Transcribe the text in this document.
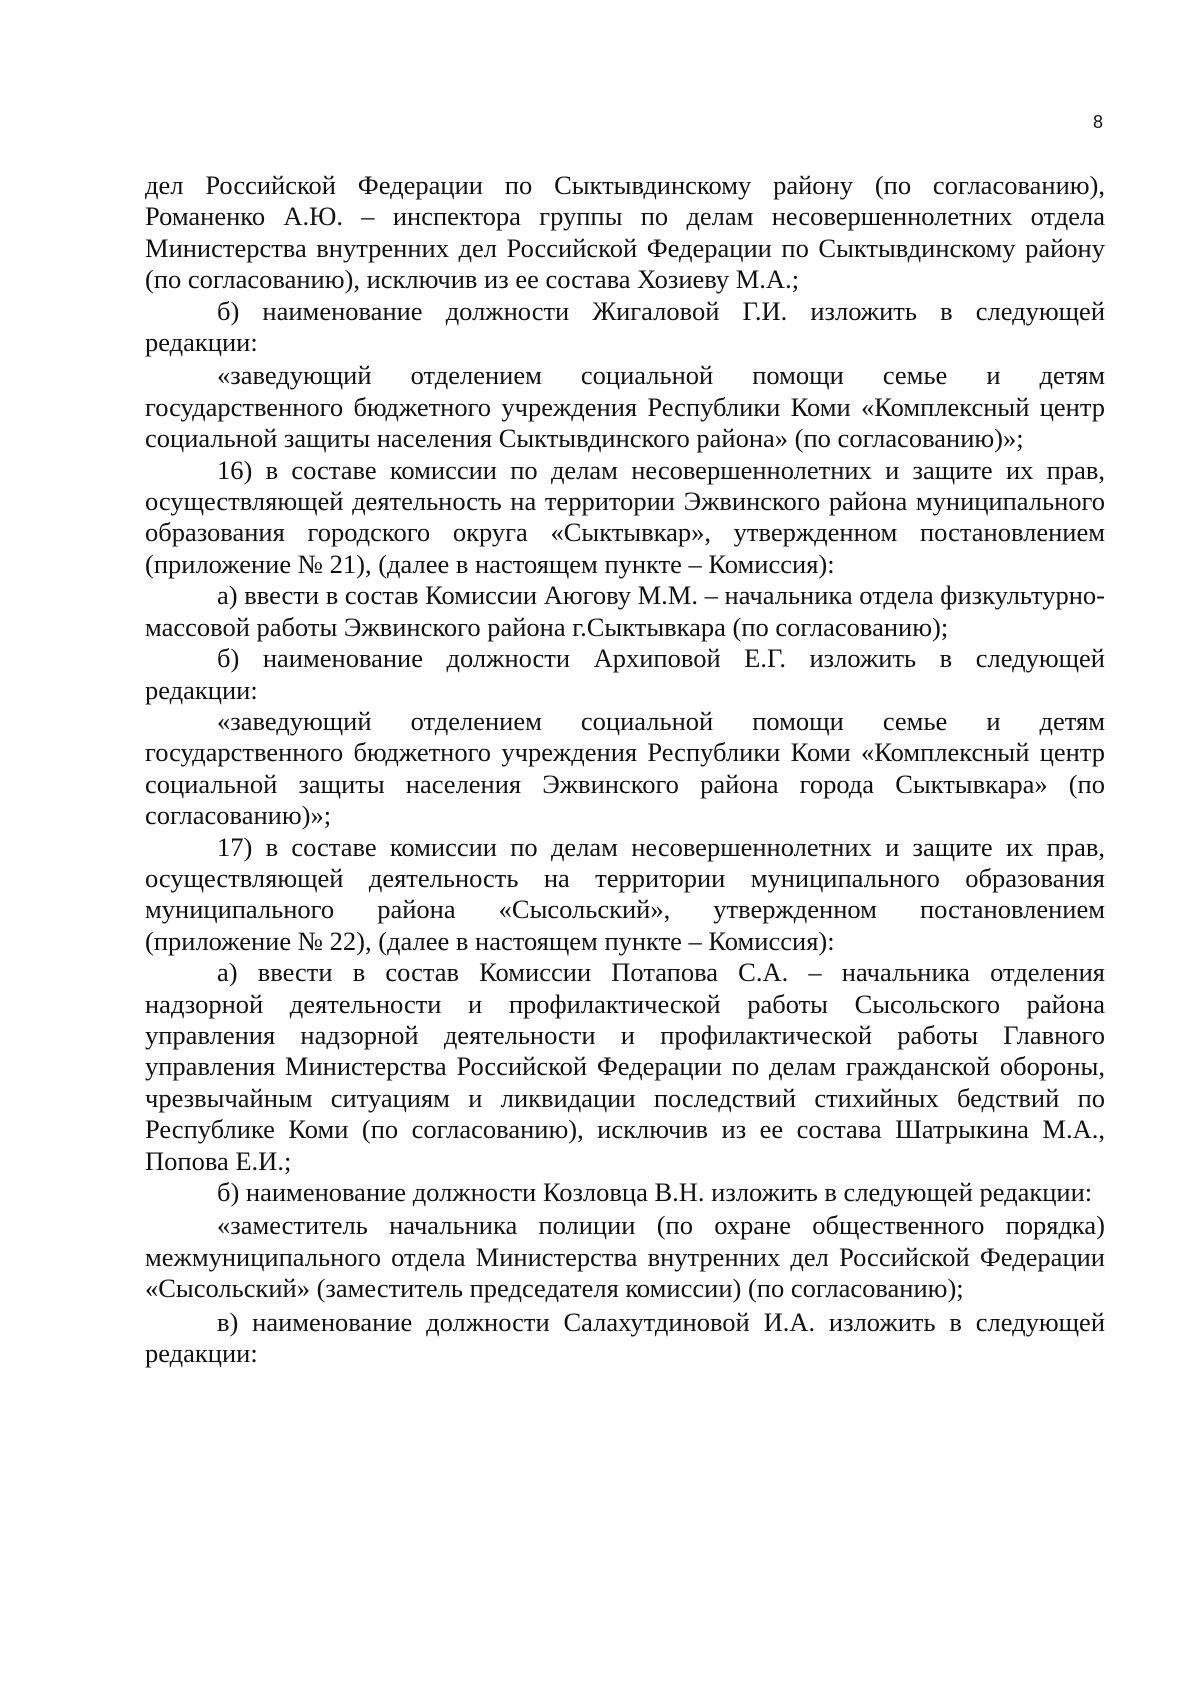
8

дел Российской Федерации по Сыктывдинскому району (по согласованию), Романенко А.Ю. – инспектора группы по делам несовершеннолетних отдела Министерства внутренних дел Российской Федерации по Сыктывдинскому району (по согласованию), исключив из ее состава Хозиеву М.А.;

б) наименование должности Жигаловой Г.И. изложить в следующей редакции:

«заведующий отделением социальной помощи семье и детям государственного бюджетного учреждения Республики Коми «Комплексный центр социальной защиты населения Сыктывдинского района» (по согласованию)»;

16) в составе комиссии по делам несовершеннолетних и защите их прав, осуществляющей деятельность на территории Эжвинского района муниципального образования городского округа «Сыктывкар», утвержденном постановлением (приложение № 21), (далее в настоящем пункте – Комиссия):

а) ввести в состав Комиссии Аюгову М.М. – начальника отдела физкультурно-массовой работы Эжвинского района г.Сыктывкара (по согласованию);

б) наименование должности Архиповой Е.Г. изложить в следующей редакции:

«заведующий отделением социальной помощи семье и детям государственного бюджетного учреждения Республики Коми «Комплексный центр социальной защиты населения Эжвинского района города Сыктывкара» (по согласованию)»;

17) в составе комиссии по делам несовершеннолетних и защите их прав, осуществляющей деятельность на территории муниципального образования муниципального района «Сысольский», утвержденном постановлением (приложение № 22), (далее в настоящем пункте – Комиссия):

а) ввести в состав Комиссии Потапова С.А. – начальника отделения надзорной деятельности и профилактической работы Сысольского района управления надзорной деятельности и профилактической работы Главного управления Министерства Российской Федерации по делам гражданской обороны, чрезвычайным ситуациям и ликвидации последствий стихийных бедствий по Республике Коми (по согласованию), исключив из ее состава Шатрыкина М.А., Попова Е.И.;

б) наименование должности Козловца В.Н. изложить в следующей редакции:

«заместитель начальника полиции (по охране общественного порядка) межмуниципального отдела Министерства внутренних дел Российской Федерации «Сысольский» (заместитель председателя комиссии) (по согласованию);

в) наименование должности Салахутдиновой И.А. изложить в следующей редакции:
